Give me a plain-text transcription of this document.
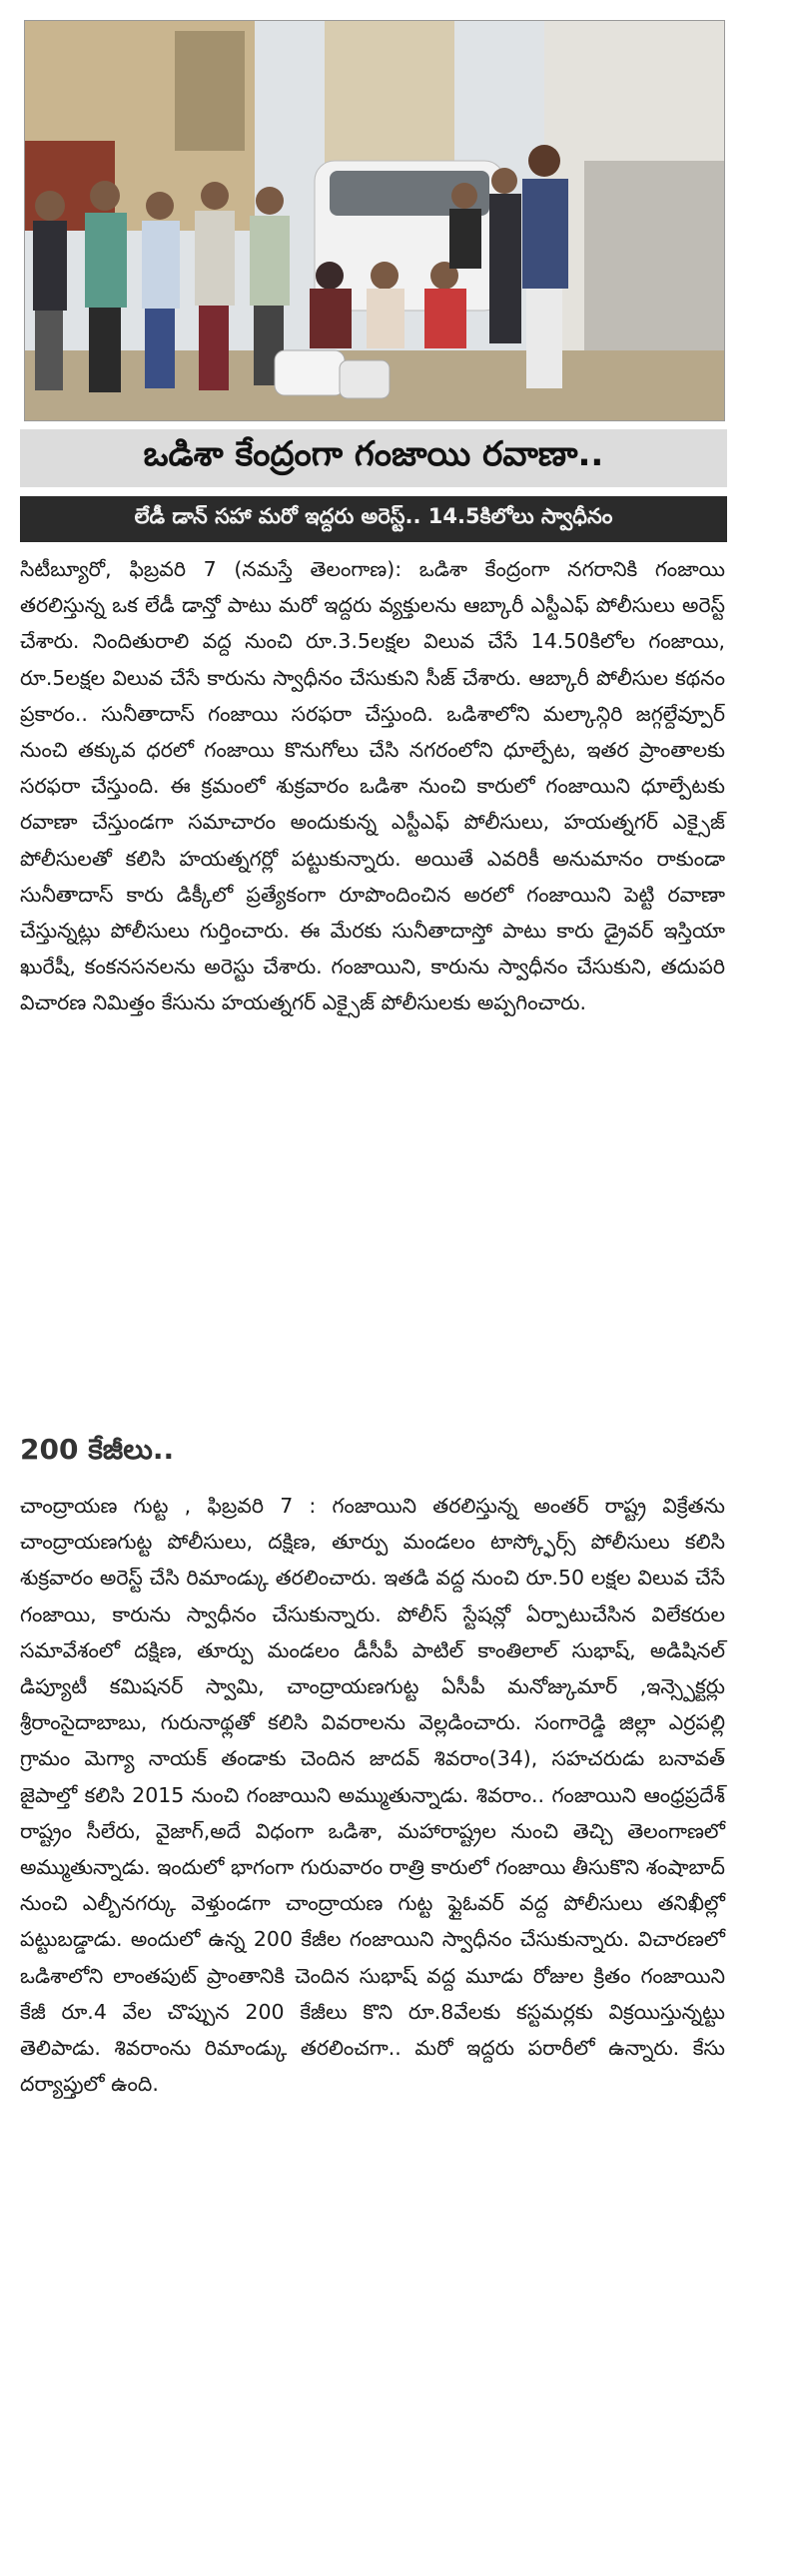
ఒడిశా కేంద్రంగా గంజాయి రవాణా..
లేడీ డాన్ సహా మరో ఇద్దరు అరెస్ట్.. 14.5కిలోలు స్వాధీనం

సిటీబ్యూరో, ఫిబ్రవరి 7 (నమస్తే తెలంగాణ): ఒడిశా కేంద్రంగా నగరానికి గంజాయి తరలిస్తున్న ఒక లేడీ డాన్తో పాటు మరో ఇద్దరు వ్యక్తులను ఆబ్కారీ ఎస్టీఎఫ్ పోలీసులు అరెస్ట్ చేశారు. నిందితురాలి వద్ద నుంచి రూ.3.5లక్షల విలువ చేసే 14.50కిలోల గంజాయి, రూ.5లక్షల విలువ చేసే కారును స్వాధీనం చేసుకుని సీజ్ చేశారు. ఆబ్కారీ పోలీసుల కథనం ప్రకారం.. సునీతాదాస్ గంజాయి సరఫరా చేస్తుంది. ఒడిశాలోని మల్కాన్గిరి జగ్గల్దేవ్పూర్ నుంచి తక్కువ ధరలో గంజాయి కొనుగోలు చేసి నగరంలోని ధూల్పేట, ఇతర ప్రాంతాలకు సరఫరా చేస్తుంది. ఈ క్రమంలో శుక్రవారం ఒడిశా నుంచి కారులో గంజాయిని ధూల్పేటకు రవాణా చేస్తుండగా సమాచారం అందుకున్న ఎస్టీఎఫ్ పోలీసులు, హయత్నగర్ ఎక్సైజ్ పోలీసులతో కలిసి హయత్నగర్లో పట్టుకున్నారు. అయితే ఎవరికీ అనుమానం రాకుండా సునీతాదాస్ కారు డిక్కీలో ప్రత్యేకంగా రూపొందించిన అరలో గంజాయిని పెట్టి రవాణా చేస్తున్నట్లు పోలీసులు గుర్తించారు. ఈ మేరకు సునీతాదాస్తో పాటు కారు డ్రైవర్ ఇస్తియా ఖురేషీ, కంకనసనలను అరెస్టు చేశారు. గంజాయిని, కారును స్వాధీనం చేసుకుని, తదుపరి విచారణ నిమిత్తం కేసును హయత్నగర్ ఎక్సైజ్ పోలీసులకు అప్పగించారు.

200 కేజీలు..

చాంద్రాయణ గుట్ట , ఫిబ్రవరి 7 : గంజాయిని తరలిస్తున్న అంతర్ రాష్ట్ర విక్రేతను చాంద్రాయణగుట్ట పోలీసులు, దక్షిణ, తూర్పు మండలం టాస్క్ఫోర్స్ పోలీసులు కలిసి శుక్రవారం అరెస్ట్ చేసి రిమాండ్కు తరలించారు. ఇతడి వద్ద నుంచి రూ.50 లక్షల విలువ చేసే గంజాయి, కారును స్వాధీనం చేసుకున్నారు. పోలీస్ స్టేషన్లో ఏర్పాటుచేసిన విలేకరుల సమావేశంలో దక్షిణ, తూర్పు మండలం డీసీపీ పాటిల్ కాంతిలాల్ సుభాష్, అడిషినల్ డిప్యూటీ కమిషనర్ స్వామి, చాంద్రాయణగుట్ట ఏసీపీ మనోజ్కుమార్ ,ఇన్స్పెక్టర్లు శ్రీరాంసైదాబాబు, గురునాథ్లతో కలిసి వివరాలను వెల్లడించారు. సంగారెడ్డి జిల్లా ఎర్రపల్లి గ్రామం మెగ్యా నాయక్ తండాకు చెందిన జాదవ్ శివరాం(34), సహచరుడు బనావత్ జైపాల్తో కలిసి 2015 నుంచి గంజాయిని అమ్ముతున్నాడు. శివరాం.. గంజాయిని ఆంధ్రప్రదేశ్ రాష్ట్రం సీలేరు, వైజాగ్,అదే విధంగా ఒడిశా, మహారాష్ట్రల నుంచి తెచ్చి తెలంగాణలో అమ్ముతున్నాడు. ఇందులో భాగంగా గురువారం రాత్రి కారులో గంజాయి తీసుకొని శంషాబాద్ నుంచి ఎల్బీనగర్కు వెళ్తుండగా చాంద్రాయణ గుట్ట ఫ్లైఓవర్ వద్ద పోలీసులు తనిఖీల్లో పట్టుబడ్డాడు. అందులో ఉన్న 200 కేజీల గంజాయిని స్వాధీనం చేసుకున్నారు. విచారణలో ఒడిశాలోని లాంతపుట్ ప్రాంతానికి చెందిన సుభాష్ వద్ద మూడు రోజుల క్రితం గంజాయిని కేజీ రూ.4 వేల చొప్పున 200 కేజీలు కొని రూ.8వేలకు కస్టమర్లకు విక్రయిస్తున్నట్టు తెలిపాడు. శివరాంను రిమాండ్కు తరలించగా.. మరో ఇద్దరు పరారీలో ఉన్నారు. కేసు దర్యాప్తులో ఉంది.
